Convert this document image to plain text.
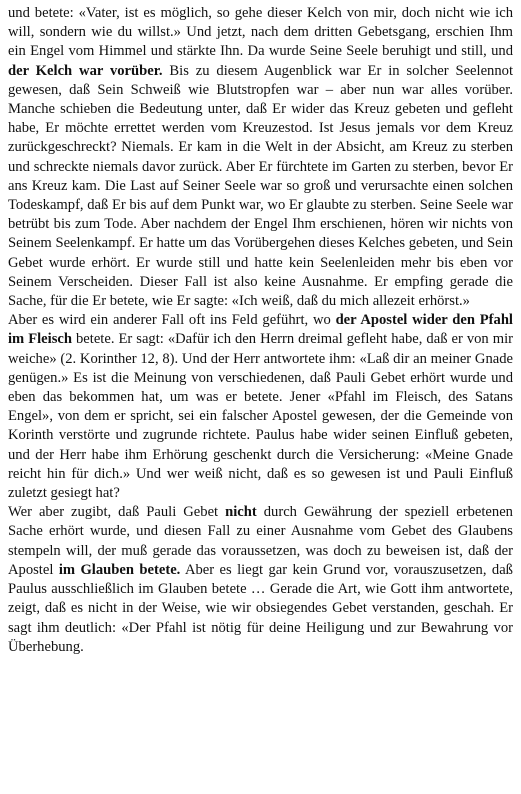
und betete: «Vater, ist es möglich, so gehe dieser Kelch von mir, doch nicht wie ich will, sondern wie du willst.» Und jetzt, nach dem dritten Gebetsgang, erschien Ihm ein Engel vom Himmel und stärkte Ihn. Da wurde Seine Seele beruhigt und still, und der Kelch war vorüber. Bis zu diesem Augenblick war Er in solcher Seelennot gewesen, daß Sein Schweiß wie Blutstropfen war – aber nun war alles vorüber. Manche schieben die Bedeutung unter, daß Er wider das Kreuz gebeten und gefleht habe, Er möchte errettet werden vom Kreuzestod. Ist Jesus jemals vor dem Kreuz zurückgeschreckt? Niemals. Er kam in die Welt in der Absicht, am Kreuz zu sterben und schreckte niemals davor zurück. Aber Er fürchtete im Garten zu sterben, bevor Er ans Kreuz kam. Die Last auf Seiner Seele war so groß und verursachte einen solchen Todeskampf, daß Er bis auf dem Punkt war, wo Er glaubte zu sterben. Seine Seele war betrübt bis zum Tode. Aber nachdem der Engel Ihm erschienen, hören wir nichts von Seinem Seelenkampf. Er hatte um das Vorübergehen dieses Kelches gebeten, und Sein Gebet wurde erhört. Er wurde still und hatte kein Seelenleiden mehr bis eben vor Seinem Verscheiden. Dieser Fall ist also keine Ausnahme. Er empfing gerade die Sache, für die Er betete, wie Er sagte: «Ich weiß, daß du mich allezeit erhörst.»

Aber es wird ein anderer Fall oft ins Feld geführt, wo der Apostel wider den Pfahl im Fleisch betete. Er sagt: «Dafür ich den Herrn dreimal gefleht habe, daß er von mir weiche» (2. Korinther 12, 8). Und der Herr antwortete ihm: «Laß dir an meiner Gnade genügen.» Es ist die Meinung von verschiedenen, daß Pauli Gebet erhört wurde und eben das bekommen hat, um was er betete. Jener «Pfahl im Fleisch, des Satans Engel», von dem er spricht, sei ein falscher Apostel gewesen, der die Gemeinde von Korinth verstörte und zugrunde richtete. Paulus habe wider seinen Einfluß gebeten, und der Herr habe ihm Erhörung geschenkt durch die Versicherung: «Meine Gnade reicht hin für dich.» Und wer weiß nicht, daß es so gewesen ist und Pauli Einfluß zuletzt gesiegt hat?

Wer aber zugibt, daß Pauli Gebet nicht durch Gewährung der speziell erbetenen Sache erhört wurde, und diesen Fall zu einer Ausnahme vom Gebet des Glaubens stempeln will, der muß gerade das voraussetzen, was doch zu beweisen ist, daß der Apostel im Glauben betete. Aber es liegt gar kein Grund vor, vorauszusetzen, daß Paulus ausschließlich im Glauben betete … Gerade die Art, wie Gott ihm antwortete, zeigt, daß es nicht in der Weise, wie wir obsiegendes Gebet verstanden, geschah. Er sagt ihm deutlich: «Der Pfahl ist nötig für deine Heiligung und zur Bewahrung vor Überhebung.
